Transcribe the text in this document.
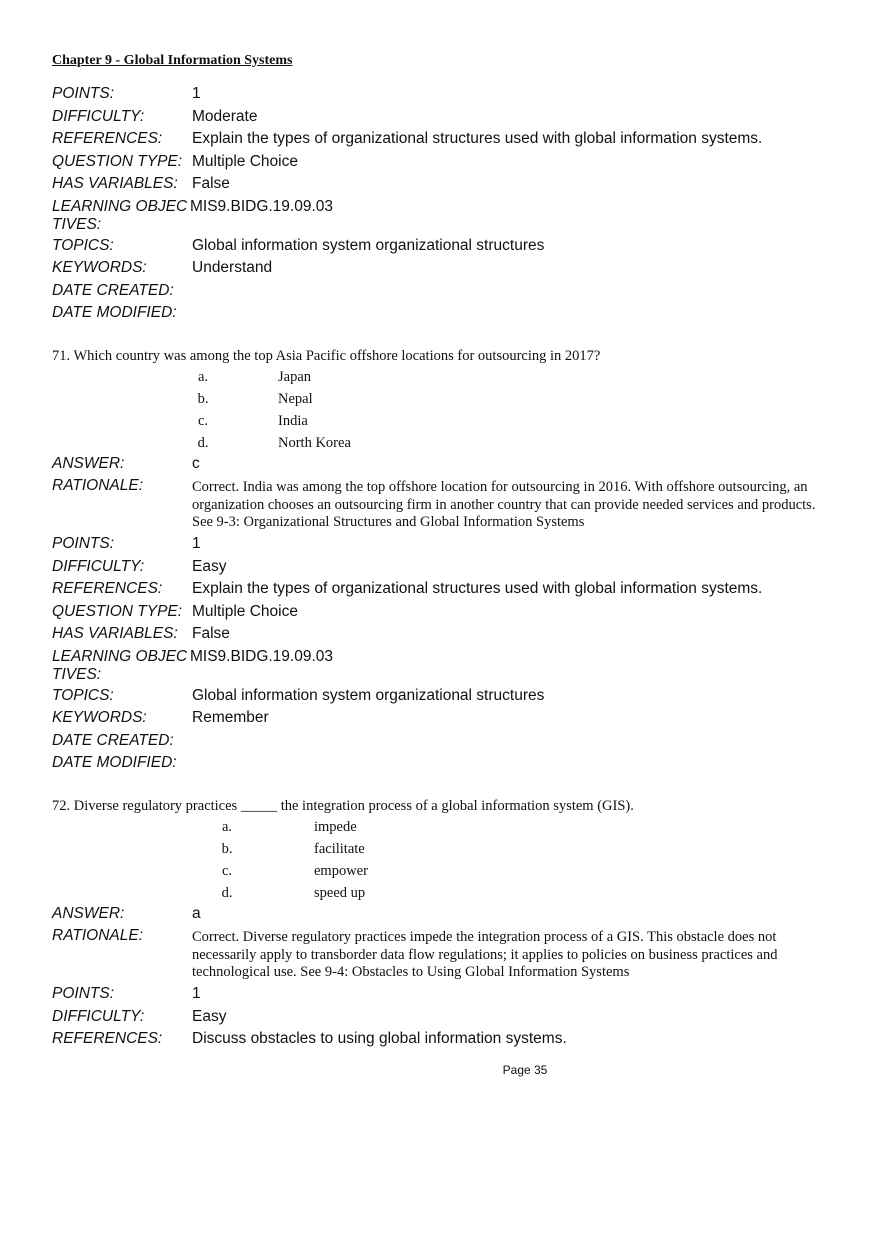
Chapter 9 - Global Information Systems
POINTS:	1
DIFFICULTY:	Moderate
REFERENCES:	Explain the types of organizational structures used with global information systems.
QUESTION TYPE: Multiple Choice
HAS VARIABLES: False
LEARNING OBJECTIVES:
MIS9.BIDG.19.09.03
TOPICS:	Global information system organizational structures
KEYWORDS:	Understand
DATE CREATED:
DATE MODIFIED:
71. Which country was among the top Asia Pacific offshore locations for outsourcing in 2017?
a.	Japan
b.	Nepal
c.	India
d.	North Korea
ANSWER:	c
RATIONALE:	Correct. India was among the top offshore location for outsourcing in 2016. With offshore outsourcing, an organization chooses an outsourcing firm in another country that can provide needed services and products. See 9-3: Organizational Structures and Global Information Systems
POINTS:	1
DIFFICULTY:	Easy
REFERENCES:	Explain the types of organizational structures used with global information systems.
QUESTION TYPE: Multiple Choice
HAS VARIABLES: False
LEARNING OBJECTIVES:
MIS9.BIDG.19.09.03
TOPICS:	Global information system organizational structures
KEYWORDS:	Remember
DATE CREATED:
DATE MODIFIED:
72. Diverse regulatory practices _____ the integration process of a global information system (GIS).
a.	impede
b.	facilitate
c.	empower
d.	speed up
ANSWER:	a
RATIONALE:	Correct. Diverse regulatory practices impede the integration process of a GIS. This obstacle does not necessarily apply to transborder data flow regulations; it applies to policies on business practices and technological use. See 9-4: Obstacles to Using Global Information Systems
POINTS:	1
DIFFICULTY:	Easy
REFERENCES:	Discuss obstacles to using global information systems.
Page 35
